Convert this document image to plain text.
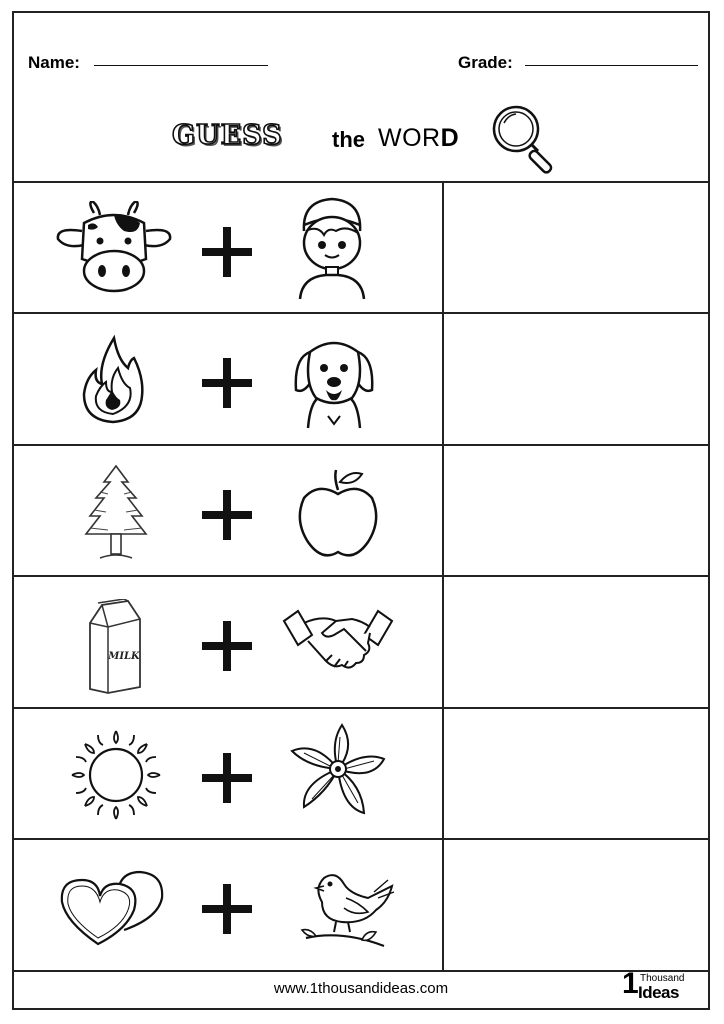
Name:	Grade:
GUESS the WORD
MILK
www.1thousandideas.com	1 Thousand
Ideas
